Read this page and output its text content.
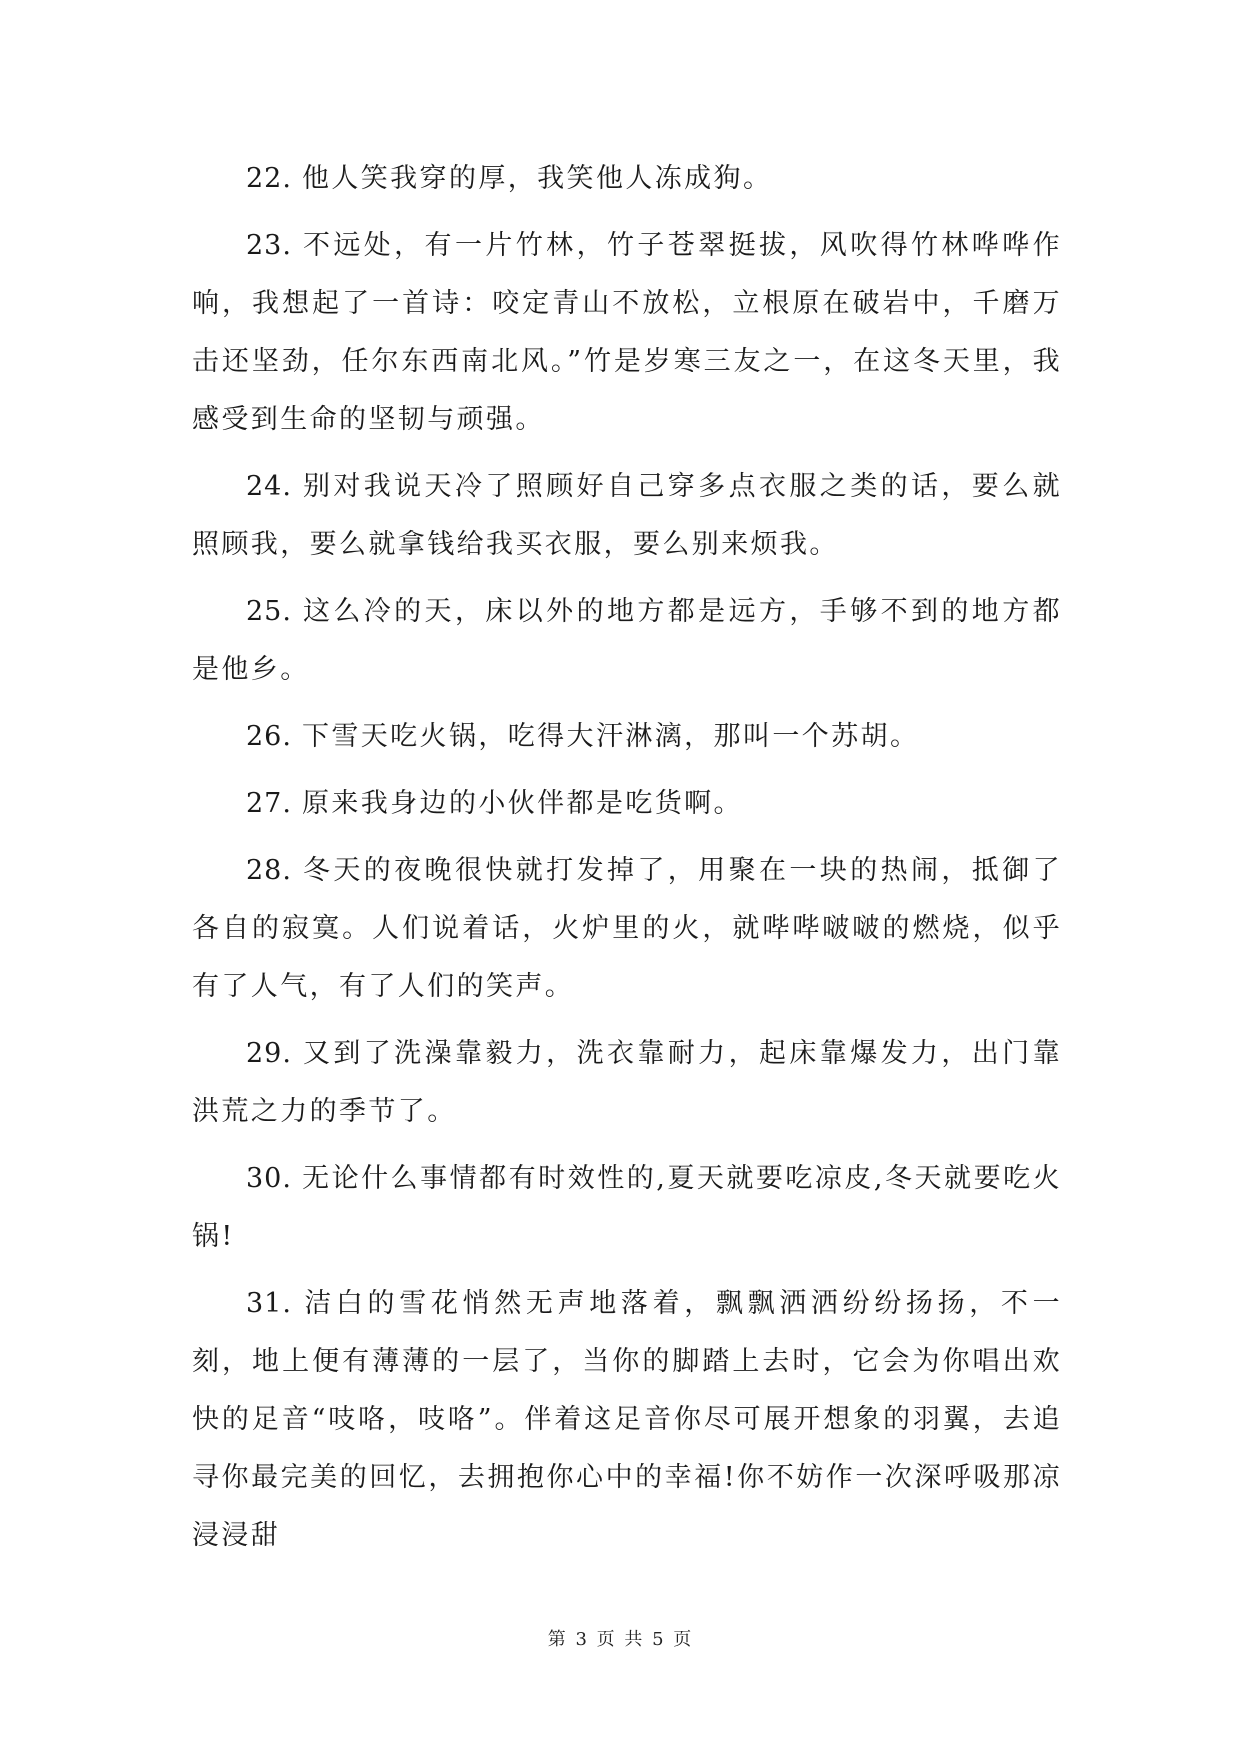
22. 他人笑我穿的厚，我笑他人冻成狗。

23. 不远处，有一片竹林，竹子苍翠挺拔，风吹得竹林哗哗作响，我想起了一首诗：咬定青山不放松，立根原在破岩中，千磨万击还坚劲，任尔东西南北风。”竹是岁寒三友之一，在这冬天里，我感受到生命的坚韧与顽强。

24. 别对我说天冷了照顾好自己穿多点衣服之类的话，要么就照顾我，要么就拿钱给我买衣服，要么别来烦我。

25. 这么冷的天，床以外的地方都是远方，手够不到的地方都是他乡。

26. 下雪天吃火锅，吃得大汗淋漓，那叫一个苏胡。

27. 原来我身边的小伙伴都是吃货啊。

28. 冬天的夜晚很快就打发掉了，用聚在一块的热闹，抵御了各自的寂寞。人们说着话，火炉里的火，就哔哔啵啵的燃烧，似乎有了人气，有了人们的笑声。

29. 又到了洗澡靠毅力，洗衣靠耐力，起床靠爆发力，出门靠洪荒之力的季节了。

30. 无论什么事情都有时效性的,夏天就要吃凉皮,冬天就要吃火锅!

31. 洁白的雪花悄然无声地落着，飘飘洒洒纷纷扬扬，不一刻，地上便有薄薄的一层了，当你的脚踏上去时，它会为你唱出欢快的足音“吱咯，吱咯”。伴着这足音你尽可展开想象的羽翼，去追寻你最完美的回忆，去拥抱你心中的幸福!你不妨作一次深呼吸那凉浸浸甜

第 3 页 共 5 页
